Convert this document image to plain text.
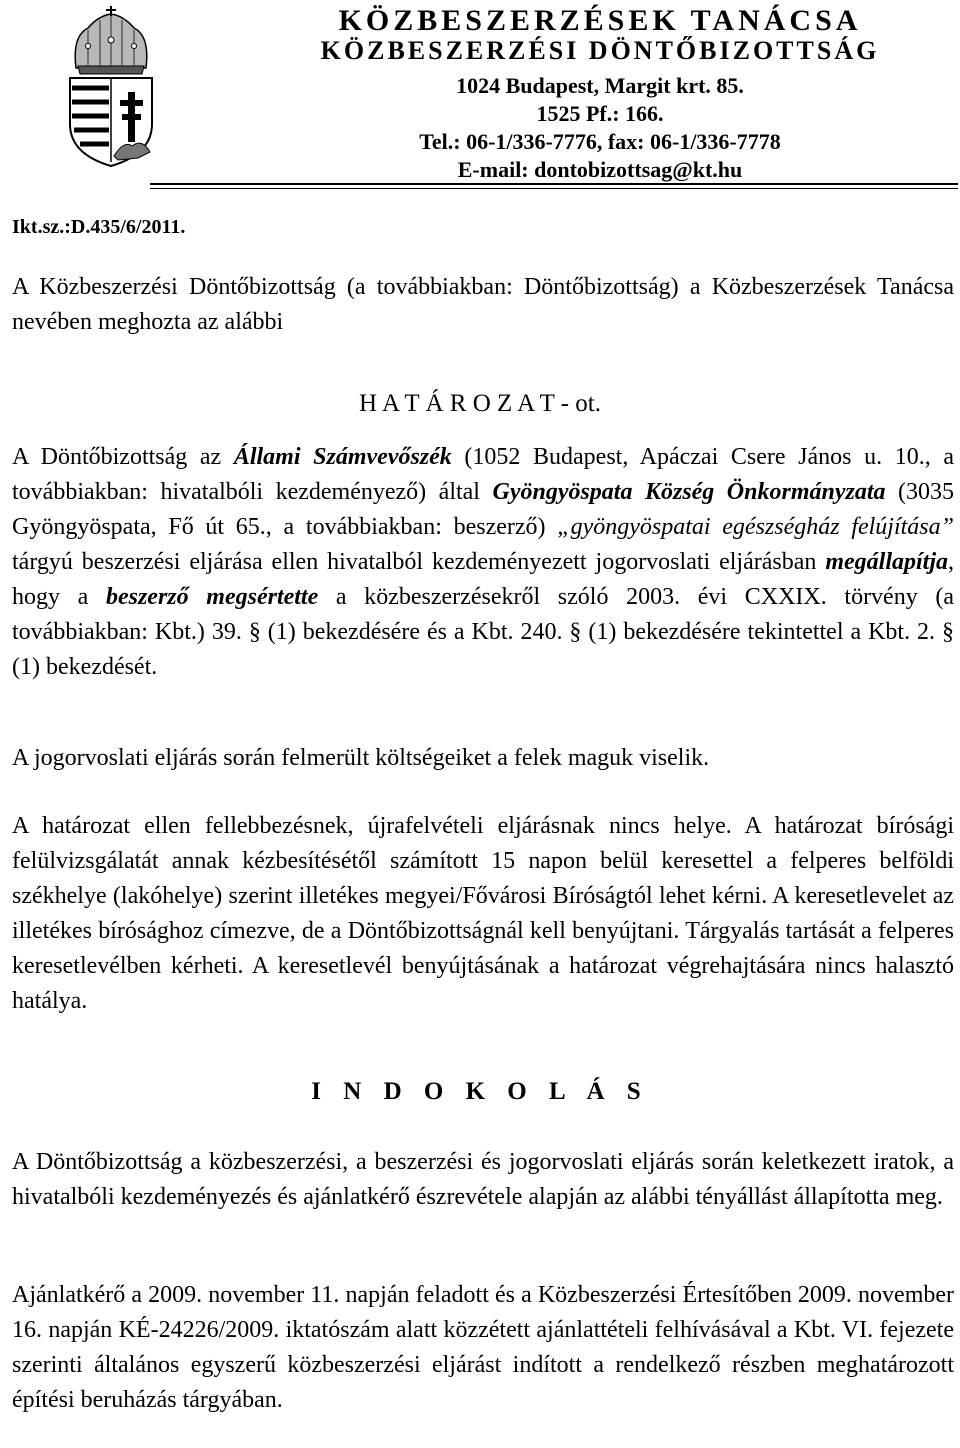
KÖZBESZERZÉSEK TANÁCSA
KÖZBESZERZÉSI DÖNTŐBIZOTTSÁG
1024 Budapest, Margit krt. 85.
1525 Pf.: 166.
Tel.: 06-1/336-7776, fax: 06-1/336-7778
E-mail: dontobizottsag@kt.hu
Ikt.sz.:D.435/6/2011.

A Közbeszerzési Döntőbizottság (a továbbiakban: Döntőbizottság) a Közbeszerzések Tanácsa nevében meghozta az alábbi

H A T Á R O Z A T - ot.

A Döntőbizottság az Állami Számvevőszék (1052 Budapest, Apáczai Csere János u. 10., a továbbiakban: hivatalbóli kezdeményező) által Gyöngyöspata Község Önkormányzata (3035 Gyöngyöspata, Fő út 65., a továbbiakban: beszerző) „gyöngyöspatai egészségház felújítása” tárgyú beszerzési eljárása ellen hivatalból kezdeményezett jogorvoslati eljárásban megállapítja, hogy a beszerző megsértette a közbeszerzésekről szóló 2003. évi CXXIX. törvény (a továbbiakban: Kbt.) 39. § (1) bekezdésére és a Kbt. 240. § (1) bekezdésére tekintettel a Kbt. 2. § (1) bekezdését.

A jogorvoslati eljárás során felmerült költségeiket a felek maguk viselik.

A határozat ellen fellebbezésnek, újrafelvételi eljárásnak nincs helye. A határozat bírósági felülvizsgálatát annak kézbesítésétől számított 15 napon belül keresettel a felperes belföldi székhelye (lakóhelye) szerint illetékes megyei/Fővárosi Bíróságtól lehet kérni. A keresetlevelet az illetékes bírósághoz címezve, de a Döntőbizottságnál kell benyújtani. Tárgyalás tartását a felperes keresetlevélben kérheti. A keresetlevél benyújtásának a határozat végrehajtására nincs halasztó hatálya.

I N D O K O L Á S

A Döntőbizottság a közbeszerzési, a beszerzési és jogorvoslati eljárás során keletkezett iratok, a hivatalbóli kezdeményezés és ajánlatkérő észrevétele alapján az alábbi tényállást állapította meg.

Ajánlatkérő a 2009. november 11. napján feladott és a Közbeszerzési Értesítőben 2009. november 16. napján KÉ-24226/2009. iktatószám alatt közzétett ajánlattételi felhívásával a Kbt. VI. fejezete szerinti általános egyszerű közbeszerzési eljárást indított a rendelkező részben meghatározott építési beruházás tárgyában.
